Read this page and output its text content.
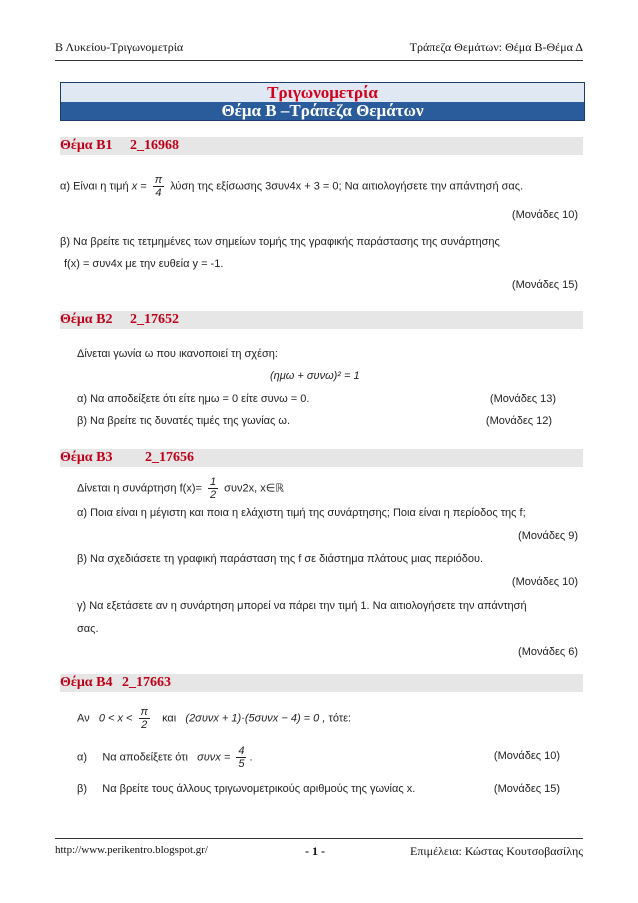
Β Λυκείου-Τριγωνομετρία	Τράπεζα Θεμάτων: Θέμα Β-Θέμα Δ
Τριγωνομετρία
Θέμα Β –Τράπεζα Θεμάτων
Θέμα Β1 2_16968
α) Είναι η τιμή $x = \frac{\pi}{4}$ λύση της εξίσωσης 3συν4x + 3 = 0; Να αιτιολογήσετε την απάντησή σας.
(Μονάδες 10)
β) Να βρείτε τις τετμημένες των σημείων τομής της γραφικής παράστασης της συνάρτησης
f(x) = συν4x με την ευθεία y = -1.
(Μονάδες 15)
Θέμα Β2 2_17652
Δίνεται γωνία ω που ικανοποιεί τη σχέση:
(ημω + συνω)² = 1
α) Να αποδείξετε ότι είτε ημω = 0 είτε συνω = 0.	(Μονάδες 13)
β) Να βρείτε τις δυνατές τιμές της γωνίας ω.	(Μονάδες 12)
Θέμα Β3 2_17656
Δίνεται η συνάρτηση $f(x)= \frac{1}{2} \sigma\upsilon\nu 2x$, x∈ℝ
α) Ποια είναι η μέγιστη και ποια η ελάχιστη τιμή της συνάρτησης; Ποια είναι η περίοδος της f;
(Μονάδες 9)
β) Να σχεδιάσετε τη γραφική παράσταση της f σε διάστημα πλάτους μιας περιόδου.
(Μονάδες 10)
γ) Να εξετάσετε αν η συνάρτηση μπορεί να πάρει την τιμή 1. Να αιτιολογήσετε την απάντησή
σας.
(Μονάδες 6)
Θέμα Β4 2_17663
Αν $0 < x < \frac{\pi}{2}$ και (2συνx + 1)·(5συνx − 4) = 0 , τότε:
α) Να αποδείξετε ότι $\sigma\upsilon\nu x = \frac{4}{5}$ .	(Μονάδες 10)
β) Να βρείτε τους άλλους τριγωνομετρικούς αριθμούς της γωνίας x.	(Μονάδες 15)
http://www.perikentro.blogspot.gr/	- 1 -	Επιμέλεια: Κώστας Κουτσοβασίλης
